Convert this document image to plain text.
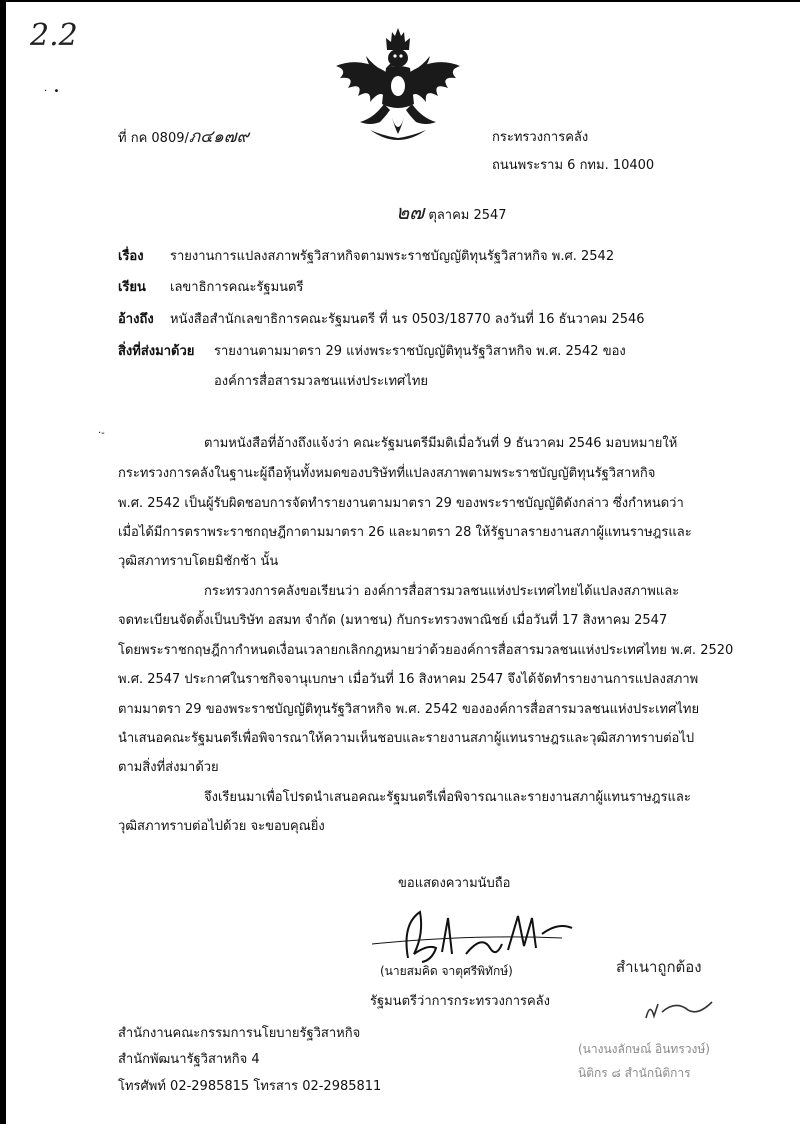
2.2
·  •
·-
ที่ กค 0809/ภ๔๑๗๙	กระทรวงการคลัง
ถนนพระราม 6 กทม. 10400
๒๗ ตุลาคม 2547
เรื่อง รายงานการแปลงสภาพรัฐวิสาหกิจตามพระราชบัญญัติทุนรัฐวิสาหกิจ พ.ศ. 2542
เรียน เลขาธิการคณะรัฐมนตรี
อ้างถึง หนังสือสำนักเลขาธิการคณะรัฐมนตรี ที่ นร 0503/18770 ลงวันที่ 16 ธันวาคม 2546
สิ่งที่ส่งมาด้วย รายงานตามมาตรา 29 แห่งพระราชบัญญัติทุนรัฐวิสาหกิจ พ.ศ. 2542 ของ
องค์การสื่อสารมวลชนแห่งประเทศไทย
ตามหนังสือที่อ้างถึงแจ้งว่า คณะรัฐมนตรีมีมติเมื่อวันที่ 9 ธันวาคม 2546 มอบหมายให้
กระทรวงการคลังในฐานะผู้ถือหุ้นทั้งหมดของบริษัทที่แปลงสภาพตามพระราชบัญญัติทุนรัฐวิสาหกิจ
พ.ศ. 2542 เป็นผู้รับผิดชอบการจัดทำรายงานตามมาตรา 29 ของพระราชบัญญัติดังกล่าว ซึ่งกำหนดว่า
เมื่อได้มีการตราพระราชกฤษฎีกาตามมาตรา 26 และมาตรา 28 ให้รัฐบาลรายงานสภาผู้แทนราษฎรและ
วุฒิสภาทราบโดยมิชักช้า นั้น
กระทรวงการคลังขอเรียนว่า องค์การสื่อสารมวลชนแห่งประเทศไทยได้แปลงสภาพและ
จดทะเบียนจัดตั้งเป็นบริษัท อสมท จำกัด (มหาชน) กับกระทรวงพาณิชย์ เมื่อวันที่ 17 สิงหาคม 2547
โดยพระราชกฤษฎีกากำหนดเงื่อนเวลายกเลิกกฎหมายว่าด้วยองค์การสื่อสารมวลชนแห่งประเทศไทย พ.ศ. 2520
พ.ศ. 2547 ประกาศในราชกิจจานุเบกษา เมื่อวันที่ 16 สิงหาคม 2547 จึงได้จัดทำรายงานการแปลงสภาพ
ตามมาตรา 29 ของพระราชบัญญัติทุนรัฐวิสาหกิจ พ.ศ. 2542 ขององค์การสื่อสารมวลชนแห่งประเทศไทย
นำเสนอคณะรัฐมนตรีเพื่อพิจารณาให้ความเห็นชอบและรายงานสภาผู้แทนราษฎรและวุฒิสภาทราบต่อไป
ตามสิ่งที่ส่งมาด้วย
จึงเรียนมาเพื่อโปรดนำเสนอคณะรัฐมนตรีเพื่อพิจารณาและรายงานสภาผู้แทนราษฎรและ
วุฒิสภาทราบต่อไปด้วย จะขอบคุณยิ่ง
ขอแสดงความนับถือ
(นายสมคิด จาตุศรีพิทักษ์)
รัฐมนตรีว่าการกระทรวงการคลัง
สำเนาถูกต้อง
(นางนงลักษณ์ อินทรวงษ์)
นิติกร ๘ สำนักนิติการ
สำนักงานคณะกรรมการนโยบายรัฐวิสาหกิจ
สำนักพัฒนารัฐวิสาหกิจ 4
โทรศัพท์ 02-2985815 โทรสาร 02-2985811
